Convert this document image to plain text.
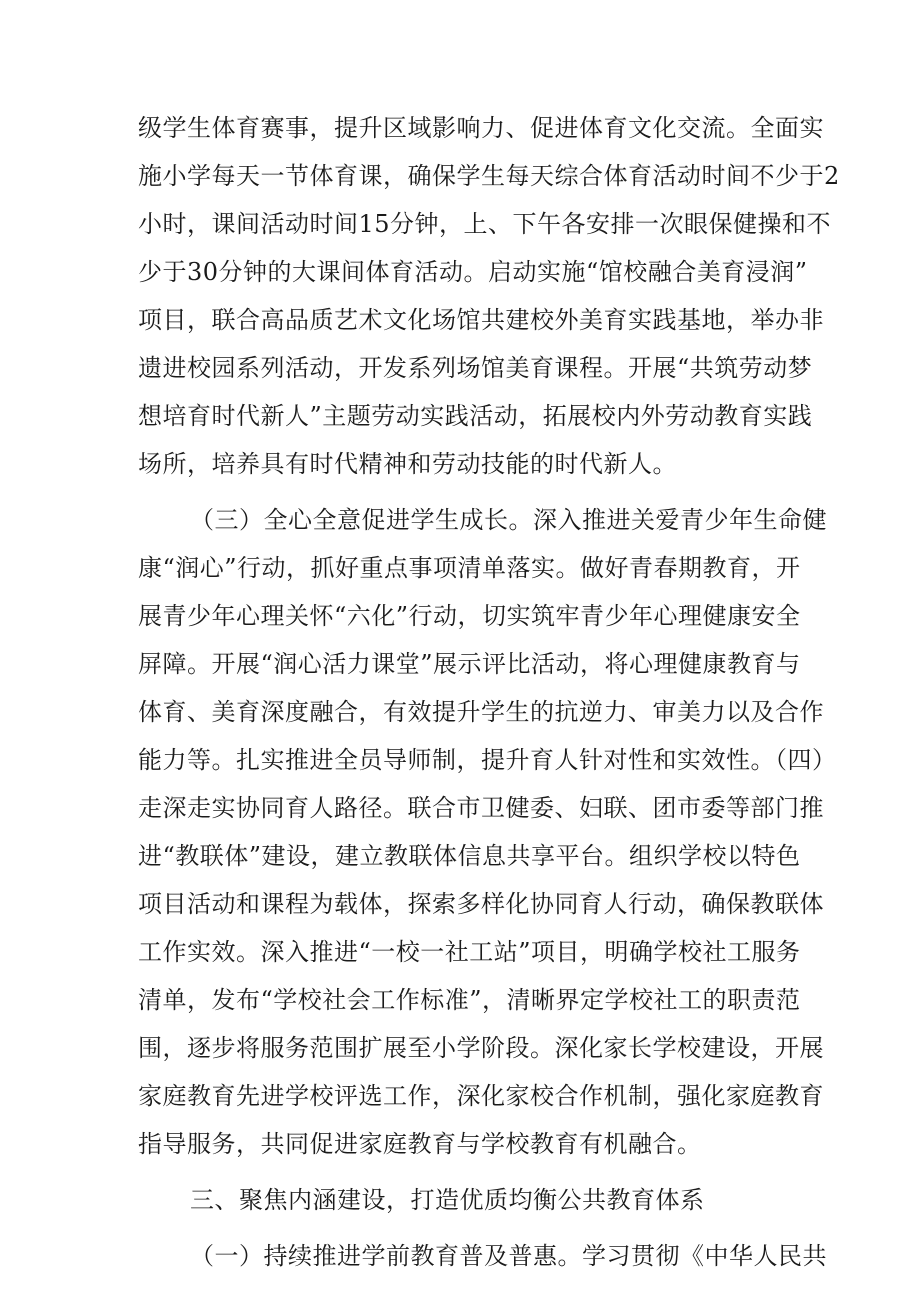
级学生体育赛事，提升区域影响力、促进体育文化交流。全面实
施小学每天一节体育课，确保学生每天综合体育活动时间不少于2
小时，课间活动时间15分钟，上、下午各安排一次眼保健操和不
少于30分钟的大课间体育活动。启动实施“馆校融合美育浸润”
项目，联合高品质艺术文化场馆共建校外美育实践基地，举办非
遗进校园系列活动，开发系列场馆美育课程。开展“共筑劳动梦
想培育时代新人”主题劳动实践活动，拓展校内外劳动教育实践
场所，培养具有时代精神和劳动技能的时代新人。
（三）全心全意促进学生成长。深入推进关爱青少年生命健
康“润心”行动，抓好重点事项清单落实。做好青春期教育，开
展青少年心理关怀“六化”行动，切实筑牢青少年心理健康安全
屏障。开展“润心活力课堂”展示评比活动，将心理健康教育与
体育、美育深度融合，有效提升学生的抗逆力、审美力以及合作
能力等。扎实推进全员导师制，提升育人针对性和实效性。（四）
走深走实协同育人路径。联合市卫健委、妇联、团市委等部门推
进“教联体”建设，建立教联体信息共享平台。组织学校以特色
项目活动和课程为载体，探索多样化协同育人行动，确保教联体
工作实效。深入推进“一校一社工站”项目，明确学校社工服务
清单，发布“学校社会工作标准”，清晰界定学校社工的职责范
围，逐步将服务范围扩展至小学阶段。深化家长学校建设，开展
家庭教育先进学校评选工作，深化家校合作机制，强化家庭教育
指导服务，共同促进家庭教育与学校教育有机融合。
三、聚焦内涵建设，打造优质均衡公共教育体系
（一）持续推进学前教育普及普惠。学习贯彻《中华人民共
